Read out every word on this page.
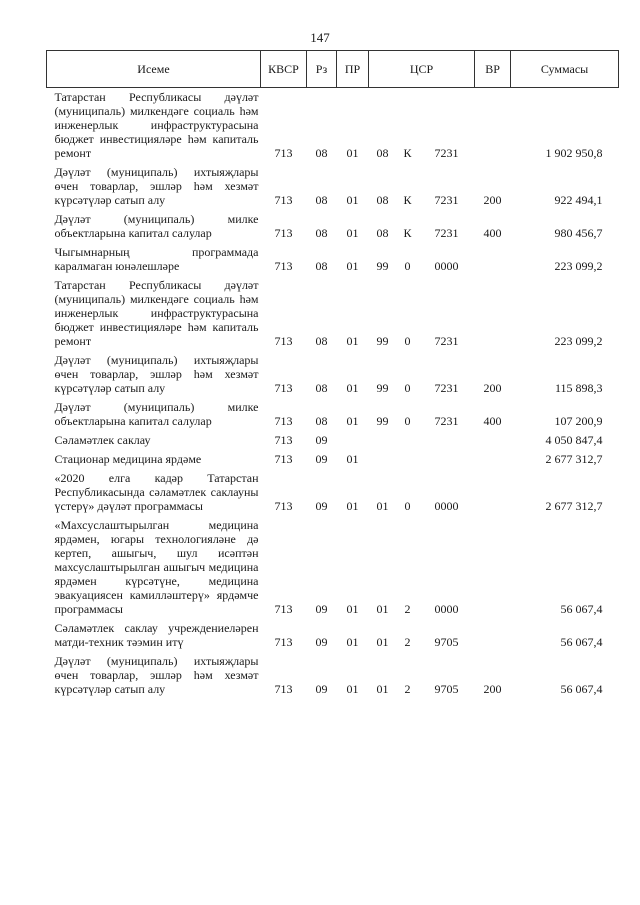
147
Исеме	КВСР	Рз	ПР	ЦСР			ВР	Суммасы
Татарстан Республикасы дәүләт (муниципаль) милкендәге социаль һәм инженерлык инфраструктурасына бюджет инвестицияләре һәм капиталь ремонт	713	08	01	08	К	7231		1 902 950,8
Дәүләт (муниципаль) ихтыяҗлары өчен товарлар, эшләр һәм хезмәт күрсәтүләр сатып алу	713	08	01	08	К	7231	200	922 494,1
Дәүләт (муниципаль) милке объектларына капитал салулар	713	08	01	08	К	7231	400	980 456,7
Чыгымнарның программада каралмаган юнәлешләре	713	08	01	99	0	0000		223 099,2
Татарстан Республикасы дәүләт (муниципаль) милкендәге социаль һәм инженерлык инфраструктурасына бюджет инвестицияләре һәм капиталь ремонт	713	08	01	99	0	7231		223 099,2
Дәүләт (муниципаль) ихтыяҗлары өчен товарлар, эшләр һәм хезмәт күрсәтүләр сатып алу	713	08	01	99	0	7231	200	115 898,3
Дәүләт (муниципаль) милке объектларына капитал салулар	713	08	01	99	0	7231	400	107 200,9
Сәламәтлек саклау	713	09						4 050 847,4
Стационар медицина ярдәме	713	09	01					2 677 312,7
«2020 елга кадәр Татарстан Республикасында сәламәтлек саклауны үстерү» дәүләт программасы	713	09	01	01	0	0000		2 677 312,7
«Махсуслаштырылган медицина ярдәмен, югары технологияләне дә кертеп, ашыгыч, шул исәптән махсуслаштырылган ашыгыч медицина ярдәмен күрсәтүне, медицина эвакуациясен камилләштерү» ярдәмче программасы	713	09	01	01	2	0000		56 067,4
Сәламәтлек саклау учреждениеләрен матди-техник тәэмин итү	713	09	01	01	2	9705		56 067,4
Дәүләт (муниципаль) ихтыяҗлары өчен товарлар, эшләр һәм хезмәт күрсәтүләр сатып алу	713	09	01	01	2	9705	200	56 067,4
